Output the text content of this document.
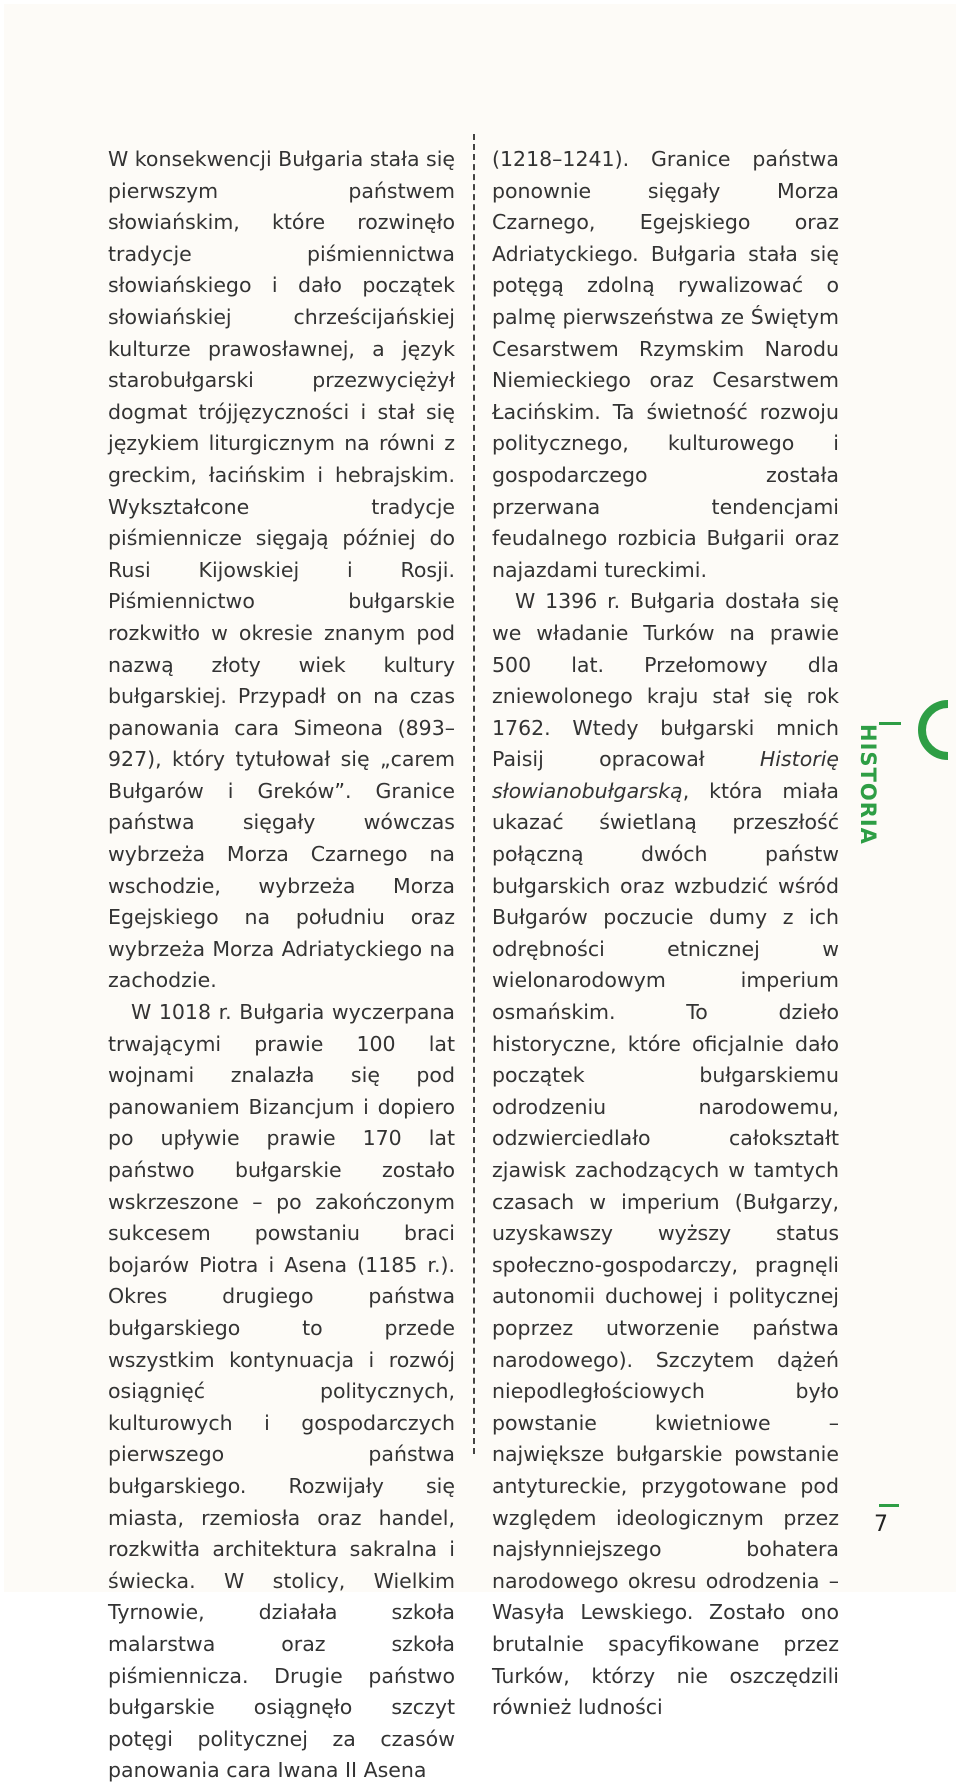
W konsekwencji Bułgaria stała się pierwszym państwem słowiańskim, które rozwinęło tradycje piśmiennictwa słowiańskiego i dało początek słowiańskiej chrześcijańskiej kulturze prawosławnej, a język starobułgarski przezwyciężył dogmat trójjęzyczności i stał się językiem liturgicznym na równi z greckim, łacińskim i hebrajskim. Wykształcone tradycje piśmiennicze sięgają później do Rusi Kijowskiej i Rosji. Piśmiennictwo bułgarskie rozkwitło w okresie znanym pod nazwą złoty wiek kultury bułgarskiej. Przypadł on na czas panowania cara Simeona (893–927), który tytułował się „carem Bułgarów i Greków”. Granice państwa sięgały wówczas wybrzeża Morza Czarnego na wschodzie, wybrzeża Morza Egejskiego na południu oraz wybrzeża Morza Adriatyckiego na zachodzie.

W 1018 r. Bułgaria wyczerpana trwającymi prawie 100 lat wojnami znalazła się pod panowaniem Bizancjum i dopiero po upływie prawie 170 lat państwo bułgarskie zostało wskrzeszone – po zakończonym sukcesem powstaniu braci bojarów Piotra i Asena (1185 r.). Okres drugiego państwa bułgarskiego to przede wszystkim kontynuacja i rozwój osiągnięć politycznych, kulturowych i gospodarczych pierwszego państwa bułgarskiego. Rozwijały się miasta, rzemiosła oraz handel, rozkwitła architektura sakralna i świecka. W stolicy, Wielkim Tyrnowie, działała szkoła malarstwa oraz szkoła piśmiennicza. Drugie państwo bułgarskie osiągnęło szczyt potęgi politycznej za czasów panowania cara Iwana II Asena

(1218–1241). Granice państwa ponownie sięgały Morza Czarnego, Egejskiego oraz Adriatyckiego. Bułgaria stała się potęgą zdolną rywalizować o palmę pierwszeństwa ze Świętym Cesarstwem Rzymskim Narodu Niemieckiego oraz Cesarstwem Łacińskim. Ta świetność rozwoju politycznego, kulturowego i gospodarczego została przerwana tendencjami feudalnego rozbicia Bułgarii oraz najazdami tureckimi.

W 1396 r. Bułgaria dostała się we władanie Turków na prawie 500 lat. Przełomowy dla zniewolonego kraju stał się rok 1762. Wtedy bułgarski mnich Paisij opracował Historię słowianobułgarską, która miała ukazać świetlaną przeszłość połączną dwóch państw bułgarskich oraz wzbudzić wśród Bułgarów poczucie dumy z ich odrębności etnicznej w wielonarodowym imperium osmańskim. To dzieło historyczne, które oficjalnie dało początek bułgarskiemu odrodzeniu narodowemu, odzwierciedlało całokształt zjawisk zachodzących w tamtych czasach w imperium (Bułgarzy, uzyskawszy wyższy status społeczno-gospodarczy, pragnęli autonomii duchowej i politycznej poprzez utworzenie państwa narodowego). Szczytem dążeń niepodległościowych było powstanie kwietniowe – największe bułgarskie powstanie antytureckie, przygotowane pod względem ideologicznym przez najsłynniejszego bohatera narodowego okresu odrodzenia – Wasyła Lewskiego. Zostało ono brutalnie spacyfikowane przez Turków, którzy nie oszczędzili również ludności

HISTORIA
7
